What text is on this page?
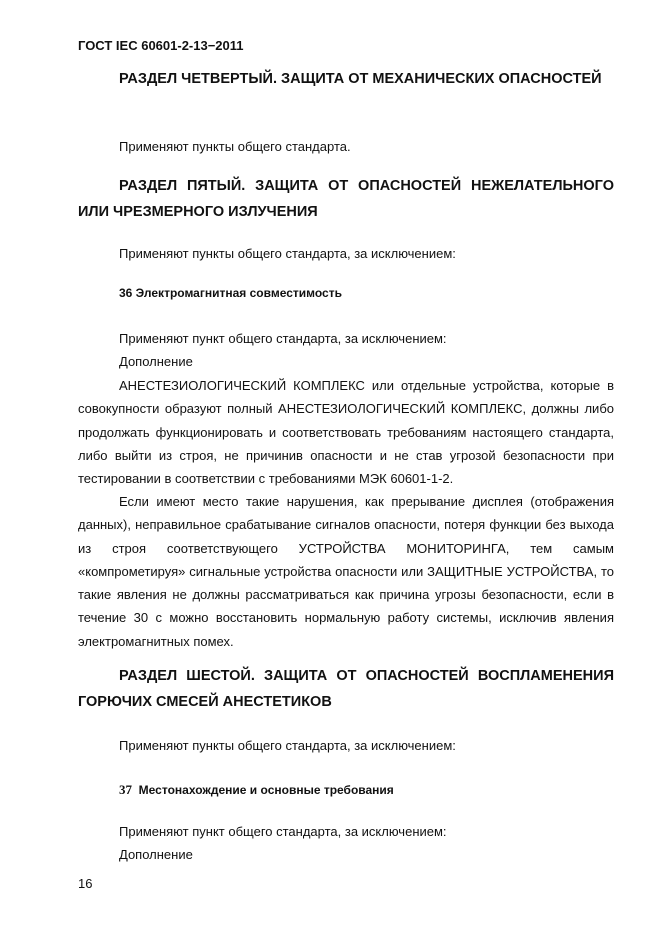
ГОСТ IEC 60601-2-13−2011
РАЗДЕЛ ЧЕТВЕРТЫЙ. ЗАЩИТА ОТ МЕХАНИЧЕСКИХ ОПАСНОСТЕЙ
Применяют пункты общего стандарта.
РАЗДЕЛ ПЯТЫЙ. ЗАЩИТА ОТ ОПАСНОСТЕЙ НЕЖЕЛАТЕЛЬНОГО ИЛИ ЧРЕЗМЕРНОГО ИЗЛУЧЕНИЯ
Применяют пункты общего стандарта, за исключением:
36 Электромагнитная совместимость
Применяют пункт общего стандарта, за исключением:
Дополнение
АНЕСТЕЗИОЛОГИЧЕСКИЙ КОМПЛЕКС или отдельные устройства, которые в совокупности образуют полный АНЕСТЕЗИОЛОГИЧЕСКИЙ КОМПЛЕКС, должны либо продолжать функционировать и соответствовать требованиям настоящего стандарта, либо выйти из строя, не причинив опасности и не став угрозой безопасности при тестировании в соответствии с требованиями МЭК 60601-1-2.
Если имеют место такие нарушения, как прерывание дисплея (отображения данных), неправильное срабатывание сигналов опасности, потеря функции без выхода из строя соответствующего УСТРОЙСТВА МОНИТОРИНГА, тем самым «компрометируя» сигнальные устройства опасности или ЗАЩИТНЫЕ УСТРОЙСТВА, то такие явления не должны рассматриваться как причина угрозы безопасности, если в течение 30 с можно восстановить нормальную работу системы, исключив явления электромагнитных помех.
РАЗДЕЛ ШЕСТОЙ. ЗАЩИТА ОТ ОПАСНОСТЕЙ ВОСПЛАМЕНЕНИЯ ГОРЮЧИХ СМЕСЕЙ АНЕСТЕТИКОВ
Применяют пункты общего стандарта, за исключением:
37 Местонахождение и основные требования
Применяют пункт общего стандарта, за исключением:
Дополнение
16
